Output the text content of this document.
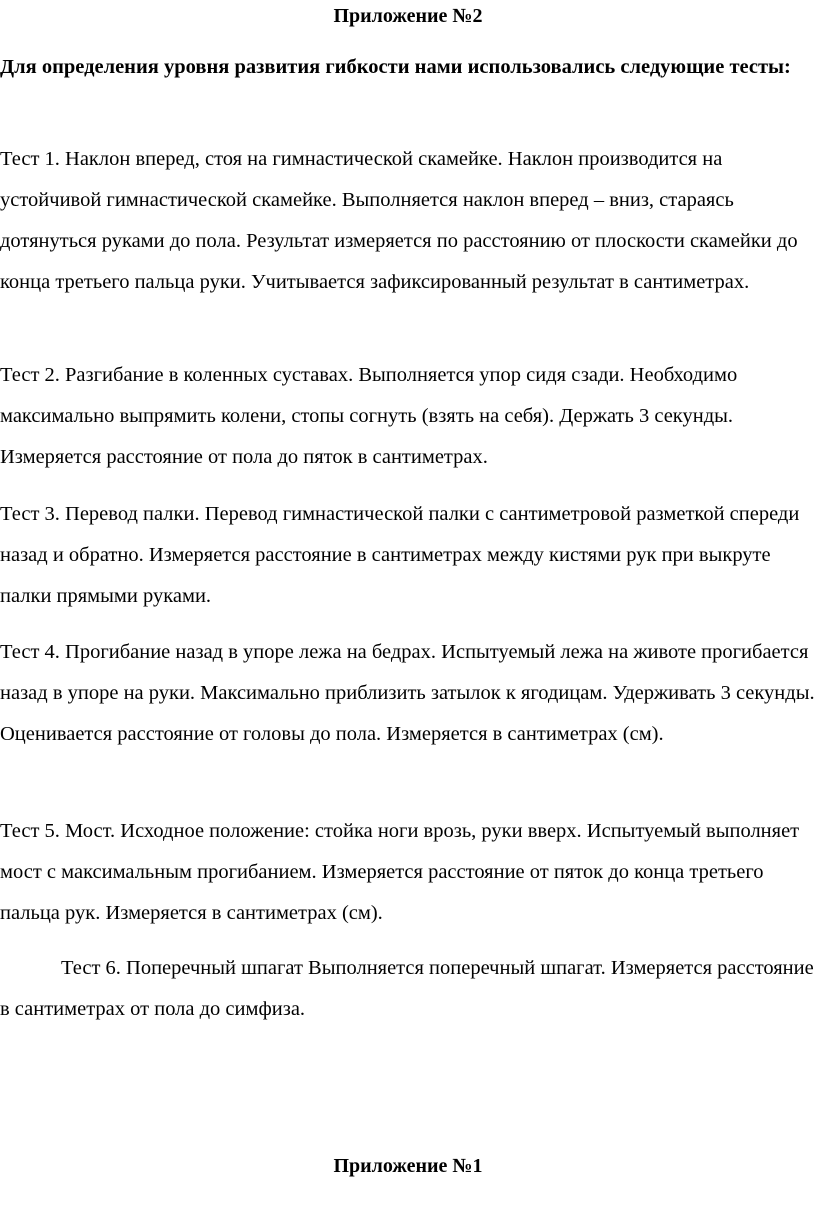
Приложение №2

Для определения уровня развития гибкости нами использовались следующие тесты:

Тест 1. Наклон вперед, стоя на гимнастической скамейке. Наклон производится на устойчивой гимнастической скамейке. Выполняется наклон вперед – вниз, стараясь дотянуться руками до пола. Результат измеряется по расстоянию от плоскости скамейки до конца третьего пальца руки. Учитывается зафиксированный результат в сантиметрах.

Тест 2. Разгибание в коленных суставах. Выполняется упор сидя сзади. Необходимо максимально выпрямить колени, стопы согнуть (взять на себя). Держать 3 секунды. Измеряется расстояние от пола до пяток в сантиметрах.

Тест 3. Перевод палки. Перевод гимнастической палки с сантиметровой разметкой спереди назад и обратно. Измеряется расстояние в сантиметрах между кистями рук при выкруте палки прямыми руками.

Тест 4. Прогибание назад в упоре лежа на бедрах. Испытуемый лежа на животе прогибается назад в упоре на руки. Максимально приблизить затылок к ягодицам. Удерживать 3 секунды. Оценивается расстояние от головы до пола. Измеряется в сантиметрах (см).

Тест 5. Мост. Исходное положение: стойка ноги врозь, руки вверх. Испытуемый выполняет мост с максимальным прогибанием. Измеряется расстояние от пяток до конца третьего пальца рук. Измеряется в сантиметрах (см).

Тест 6. Поперечный шпагат Выполняется поперечный шпагат. Измеряется расстояние в сантиметрах от пола до симфиза.

Приложение №1
